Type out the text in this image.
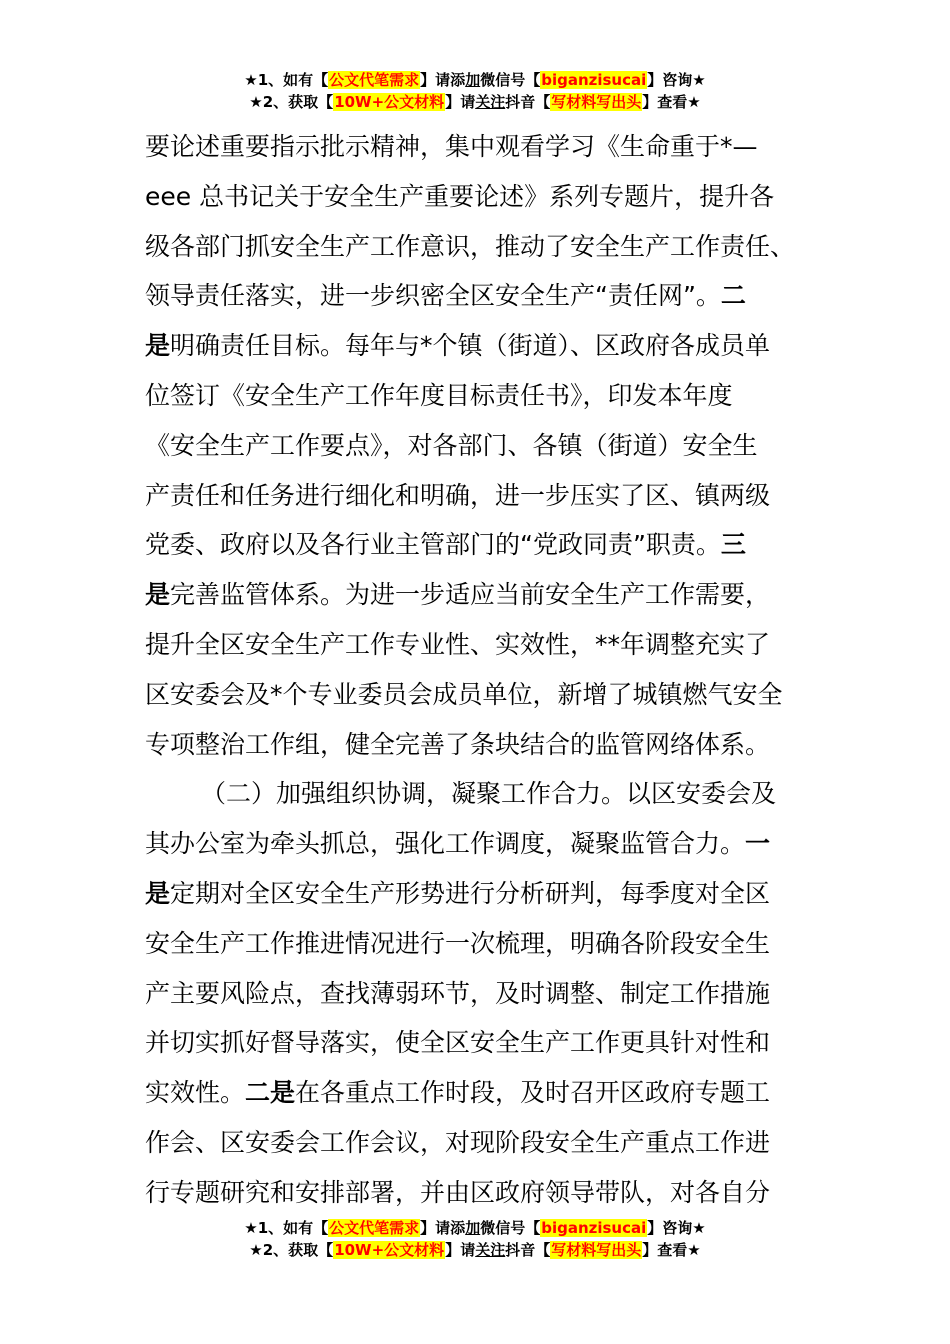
★1、如有【公文代笔需求】请添加微信号【biganzisucai】咨询★
★2、获取【10W+公文材料】请关注抖音【写材料写出头】查看★
要论述重要指示批示精神，集中观看学习《生命重于*—
eee 总书记关于安全生产重要论述》系列专题片，提升各
级各部门抓安全生产工作意识，推动了安全生产工作责任、
领导责任落实，进一步织密全区安全生产“责任网”。二
是明确责任目标。每年与*个镇（街道）、区政府各成员单
位签订《安全生产工作年度目标责任书》，印发本年度
《安全生产工作要点》，对各部门、各镇（街道）安全生
产责任和任务进行细化和明确，进一步压实了区、镇两级
党委、政府以及各行业主管部门的“党政同责”职责。三
是完善监管体系。为进一步适应当前安全生产工作需要，
提升全区安全生产工作专业性、实效性，**年调整充实了
区安委会及*个专业委员会成员单位，新增了城镇燃气安全
专项整治工作组，健全完善了条块结合的监管网络体系。
（二）加强组织协调，凝聚工作合力。以区安委会及
其办公室为牵头抓总，强化工作调度，凝聚监管合力。一
是定期对全区安全生产形势进行分析研判，每季度对全区
安全生产工作推进情况进行一次梳理，明确各阶段安全生
产主要风险点，查找薄弱环节，及时调整、制定工作措施
并切实抓好督导落实，使全区安全生产工作更具针对性和
实效性。二是在各重点工作时段，及时召开区政府专题工
作会、区安委会工作会议，对现阶段安全生产重点工作进
行专题研究和安排部署，并由区政府领导带队，对各自分
★1、如有【公文代笔需求】请添加微信号【biganzisucai】咨询★
★2、获取【10W+公文材料】请关注抖音【写材料写出头】查看★
